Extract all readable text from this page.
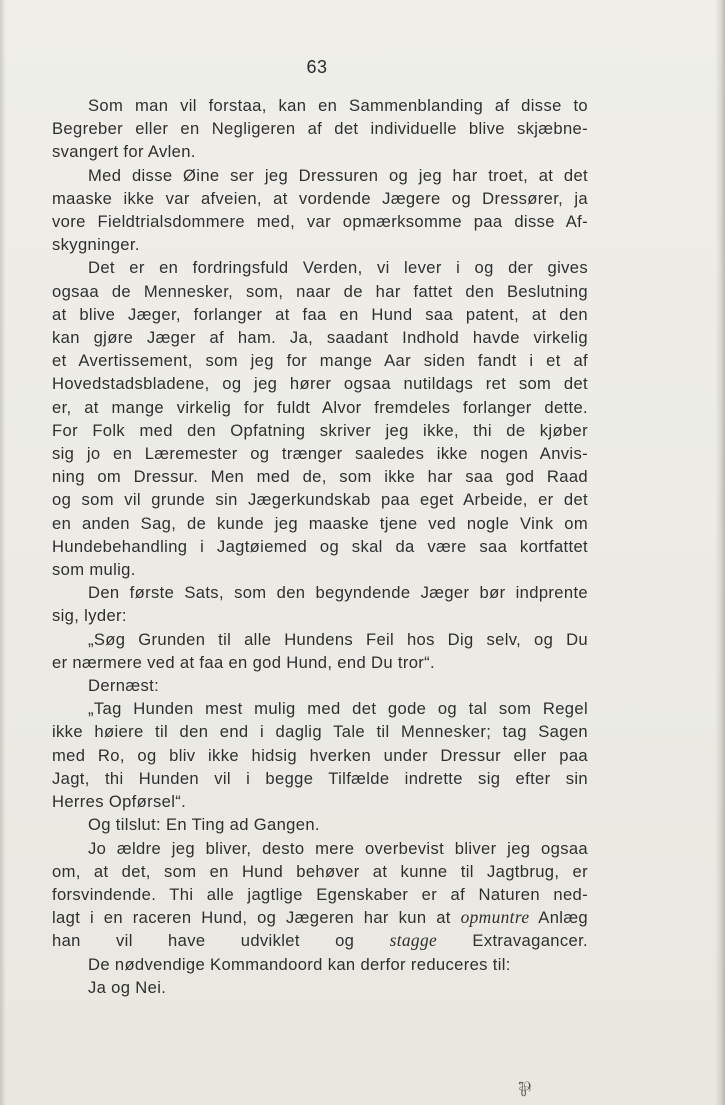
63
Som man vil forstaa, kan en Sammenblanding af disse to
Begreber eller en Negligeren af det individuelle blive skjæbne-
svangert for Avlen.
Med disse Øine ser jeg Dressuren og jeg har troet, at det
maaske ikke var afveien, at vordende Jægere og Dressører, ja
vore Fieldtrialsdommere med, var opmærksomme paa disse Af-
skygninger.
Det er en fordringsfuld Verden, vi lever i og der gives
ogsaa de Mennesker, som, naar de har fattet den Beslutning
at blive Jæger, forlanger at faa en Hund saa patent, at den
kan gjøre Jæger af ham. Ja, saadant Indhold havde virkelig
et Avertissement, som jeg for mange Aar siden fandt i et af
Hovedstadsbladene, og jeg hører ogsaa nutildags ret som det
er, at mange virkelig for fuldt Alvor fremdeles forlanger dette.
For Folk med den Opfatning skriver jeg ikke, thi de kjøber
sig jo en Læremester og trænger saaledes ikke nogen Anvis-
ning om Dressur. Men med de, som ikke har saa god Raad
og som vil grunde sin Jægerkundskab paa eget Arbeide, er det
en anden Sag, de kunde jeg maaske tjene ved nogle Vink om
Hundebehandling i Jagtøiemed og skal da være saa kortfattet
som mulig.
Den første Sats, som den begyndende Jæger bør indprente
sig, lyder:
„Søg Grunden til alle Hundens Feil hos Dig selv, og Du
er nærmere ved at faa en god Hund, end Du tror“.
Dernæst:
„Tag Hunden mest mulig med det gode og tal som Regel
ikke høiere til den end i daglig Tale til Mennesker; tag Sagen
med Ro, og bliv ikke hidsig hverken under Dressur eller paa
Jagt, thi Hunden vil i begge Tilfælde indrette sig efter sin
Herres Opførsel“.
Og tilslut: En Ting ad Gangen.
Jo ældre jeg bliver, desto mere overbevist bliver jeg ogsaa
om, at det, som en Hund behøver at kunne til Jagtbrug, er
forsvindende. Thi alle jagtlige Egenskaber er af Naturen ned-
lagt i en raceren Hund, og Jægeren har kun at opmuntre Anlæg
han vil have udviklet og stagge Extravagancer.
De nødvendige Kommandoord kan derfor reduceres til:
Ja og Nei.
⅌
